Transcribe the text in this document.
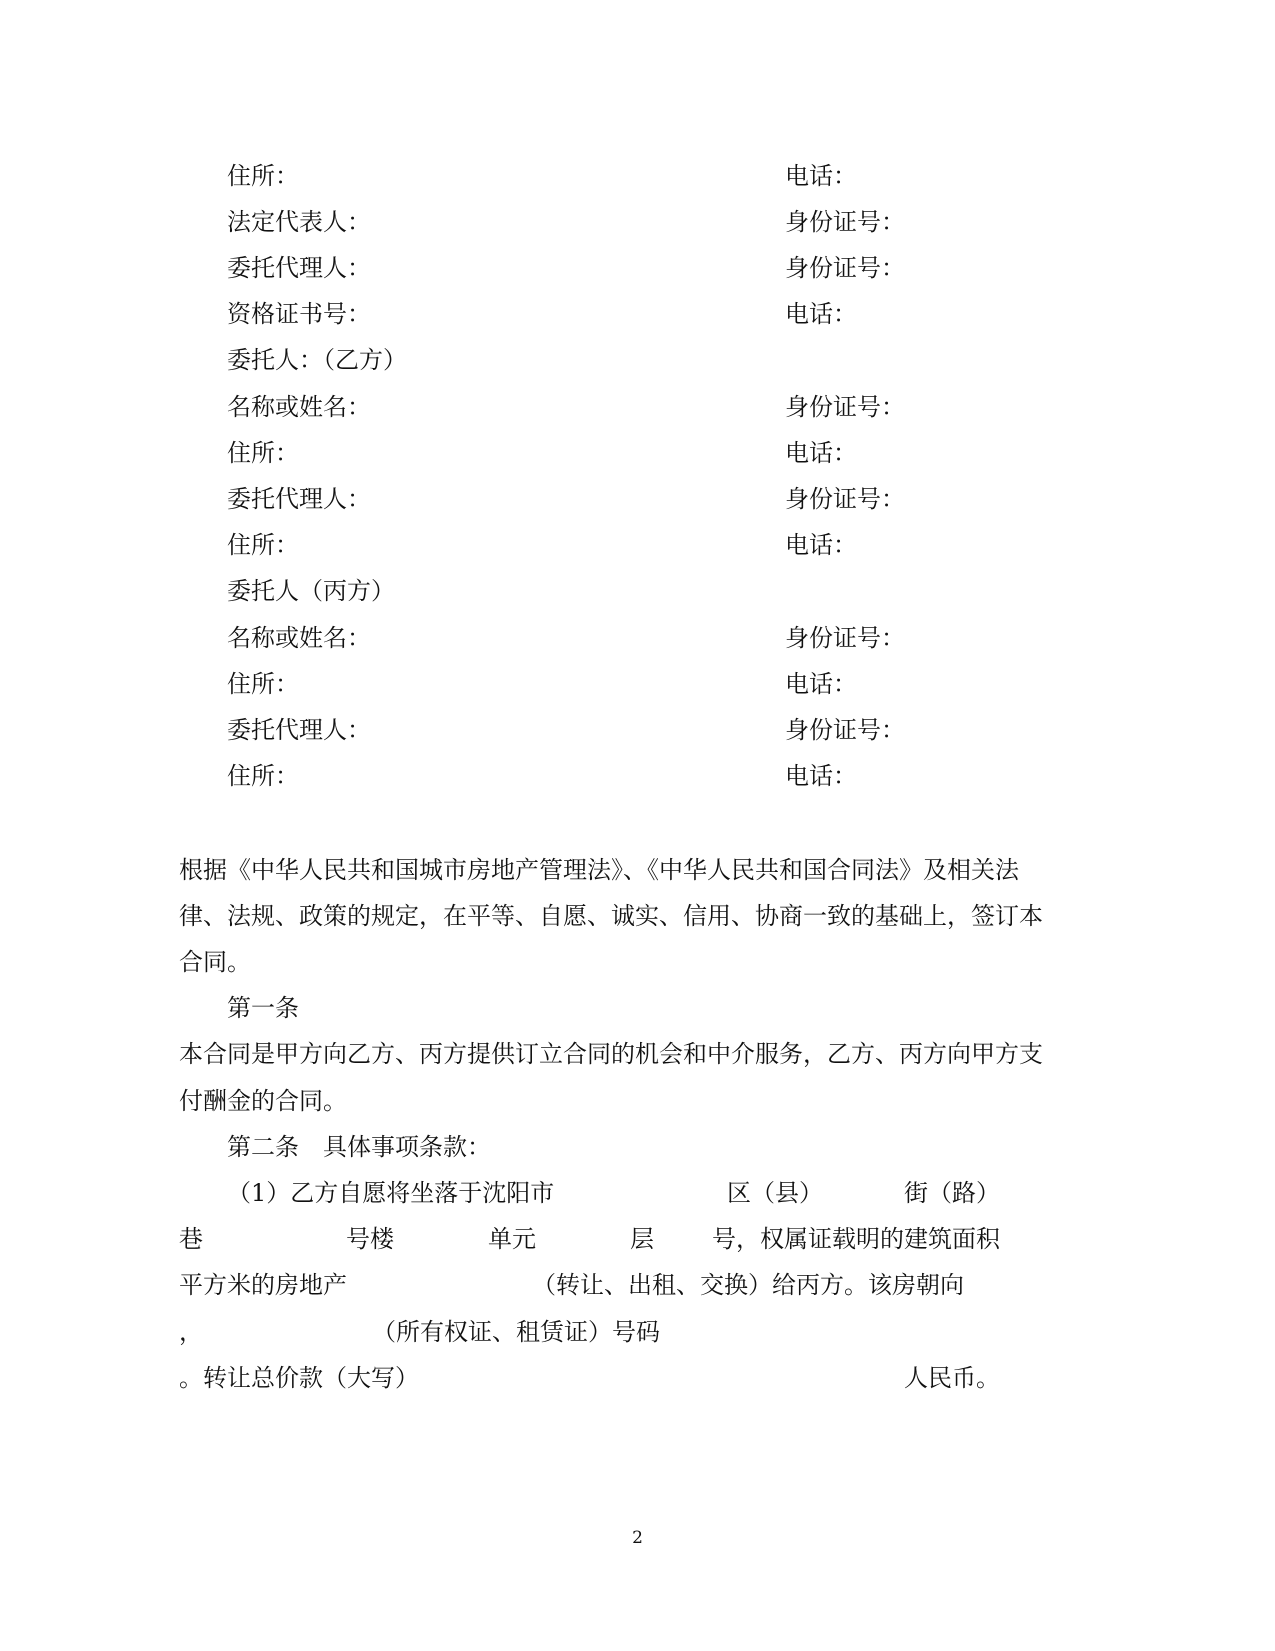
住所：	电话：
法定代表人：	身份证号：
委托代理人：	身份证号：
资格证书号：	电话：
委托人：（乙方）
名称或姓名：	身份证号：
住所：	电话：
委托代理人：	身份证号：
住所：	电话：
委托人（丙方）
名称或姓名：	身份证号：
住所：	电话：
委托代理人：	身份证号：
住所：	电话：
根据《中华人民共和国城市房地产管理法》、《中华人民共和国合同法》及相关法
律、法规、政策的规定，在平等、自愿、诚实、信用、协商一致的基础上，签订本
合同。
第一条
本合同是甲方向乙方、丙方提供订立合同的机会和中介服务，乙方、丙方向甲方支
付酬金的合同。
第二条　具体事项条款：
（1）乙方自愿将坐落于沈阳市	区（县）	街（路）
巷	号楼	单元	层 号，权属证载明的建筑面积
平方米的房地产	（转让、出租、交换）给丙方。该房朝向
，	（所有权证、租赁证）号码
。转让总价款（大写）	人民币。
2
